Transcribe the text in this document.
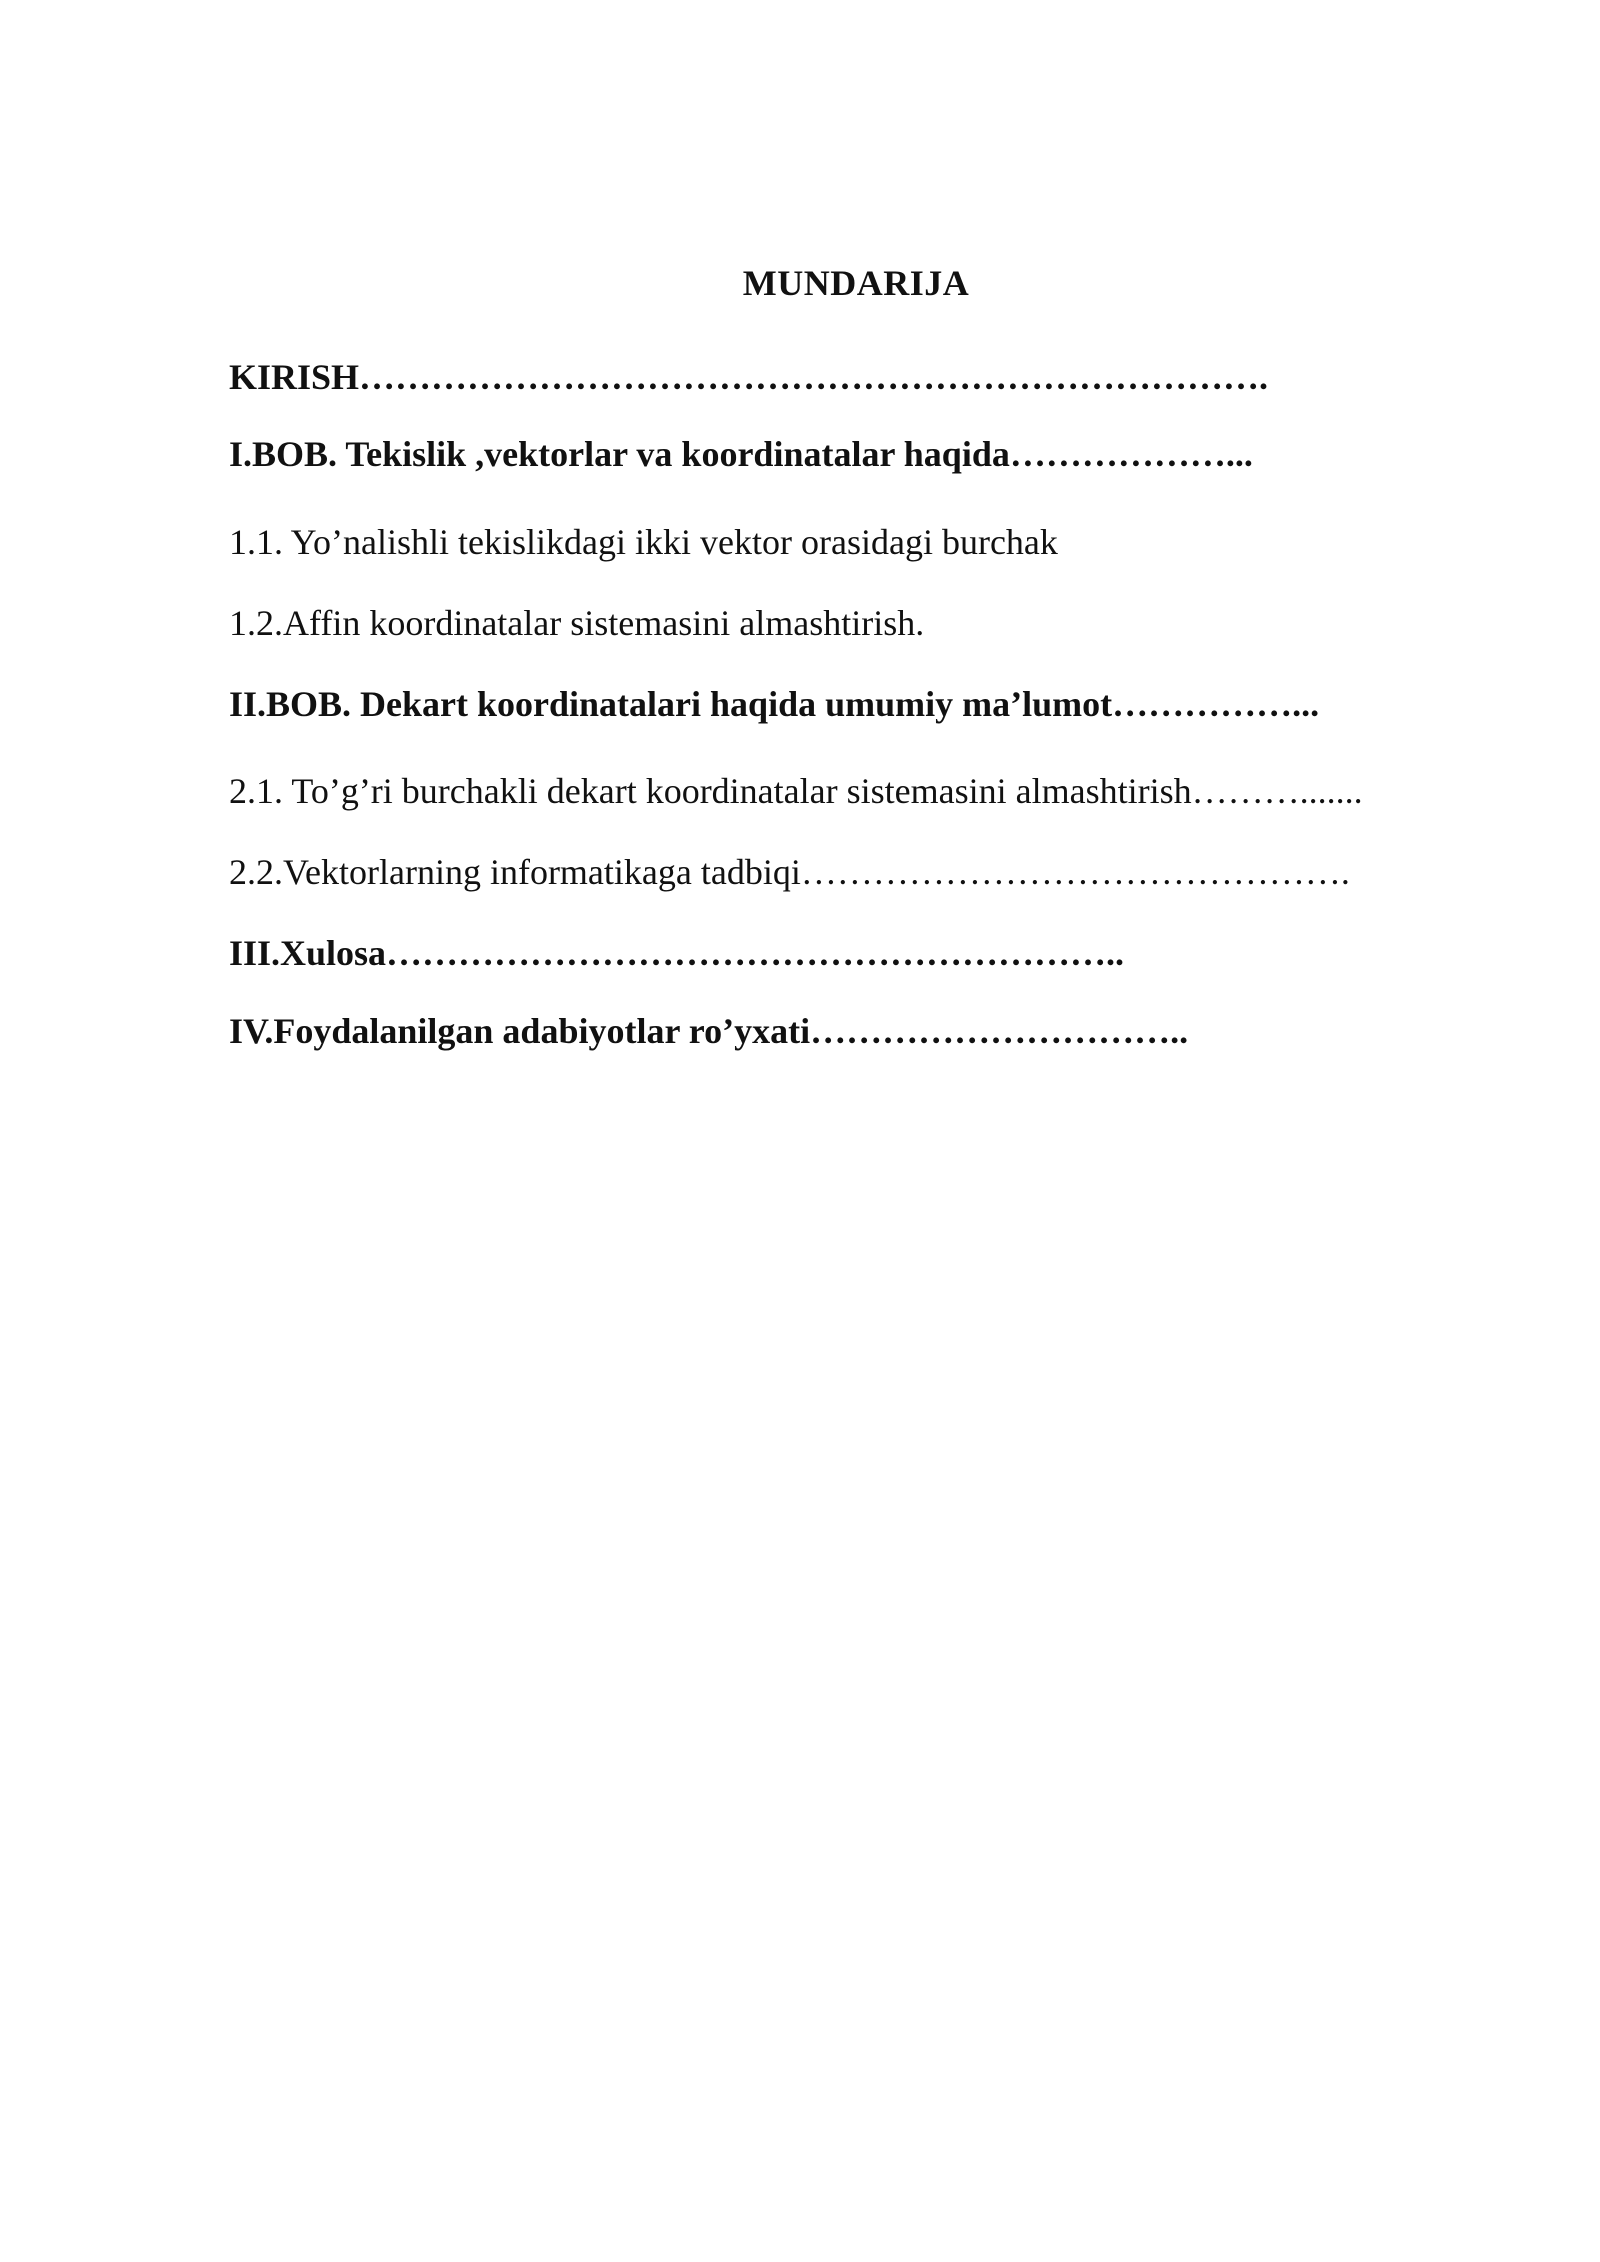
MUNDARIJA
KIRISH………………………………………………………………….
I.BOB. Tekislik ,vektorlar va koordinatalar haqida………………...
1.1. Yo’nalishli tekislikdagi ikki vektor orasidagi burchak
1.2.Affin koordinatalar sistemasini almashtirish.
II.BOB. Dekart koordinatalari haqida umumiy ma’lumot……………...
2.1. To’g’ri burchakli dekart koordinatalar sistemasini almashtirish……….......
2.2.Vektorlarning informatikaga tadbiqi……………………………………….
III.Xulosa……………………………………………………..
IV.Foydalanilgan adabiyotlar ro’yxati…………………………..
